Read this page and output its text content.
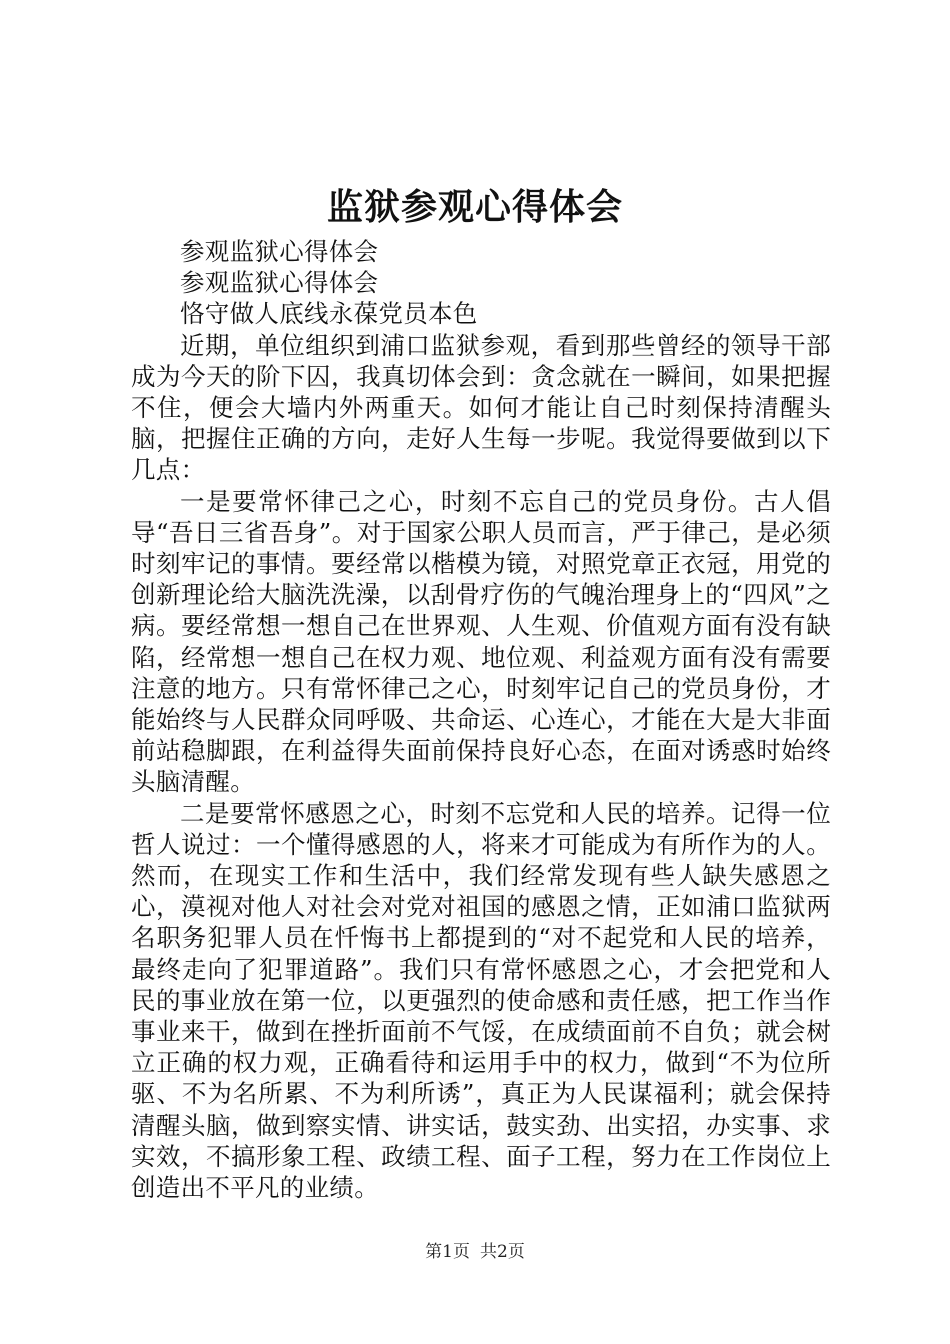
监狱参观心得体会

参观监狱心得体会

参观监狱心得体会

恪守做人底线永葆党员本色

近期，单位组织到浦口监狱参观，看到那些曾经的领导干部成为今天的阶下囚，我真切体会到：贪念就在一瞬间，如果把握不住，便会大墙内外两重天。如何才能让自己时刻保持清醒头脑，把握住正确的方向，走好人生每一步呢。我觉得要做到以下几点：

一是要常怀律己之心，时刻不忘自己的党员身份。古人倡导“吾日三省吾身”。对于国家公职人员而言，严于律己，是必须时刻牢记的事情。要经常以楷模为镜，对照党章正衣冠，用党的创新理论给大脑洗洗澡，以刮骨疗伤的气魄治理身上的“四风”之病。要经常想一想自己在世界观、人生观、价值观方面有没有缺陷，经常想一想自己在权力观、地位观、利益观方面有没有需要注意的地方。只有常怀律己之心，时刻牢记自己的党员身份，才能始终与人民群众同呼吸、共命运、心连心，才能在大是大非面前站稳脚跟，在利益得失面前保持良好心态，在面对诱惑时始终头脑清醒。

二是要常怀感恩之心，时刻不忘党和人民的培养。记得一位哲人说过：一个懂得感恩的人，将来才可能成为有所作为的人。然而，在现实工作和生活中，我们经常发现有些人缺失感恩之心，漠视对他人对社会对党对祖国的感恩之情，正如浦口监狱两名职务犯罪人员在忏悔书上都提到的“对不起党和人民的培养，最终走向了犯罪道路”。我们只有常怀感恩之心，才会把党和人民的事业放在第一位，以更强烈的使命感和责任感，把工作当作事业来干，做到在挫折面前不气馁，在成绩面前不自负；就会树立正确的权力观，正确看待和运用手中的权力，做到“不为位所驱、不为名所累、不为利所诱”，真正为人民谋福利；就会保持清醒头脑，做到察实情、讲实话，鼓实劲、出实招，办实事、求实效，不搞形象工程、政绩工程、面子工程，努力在工作岗位上创造出不平凡的业绩。

第1页 共2页
